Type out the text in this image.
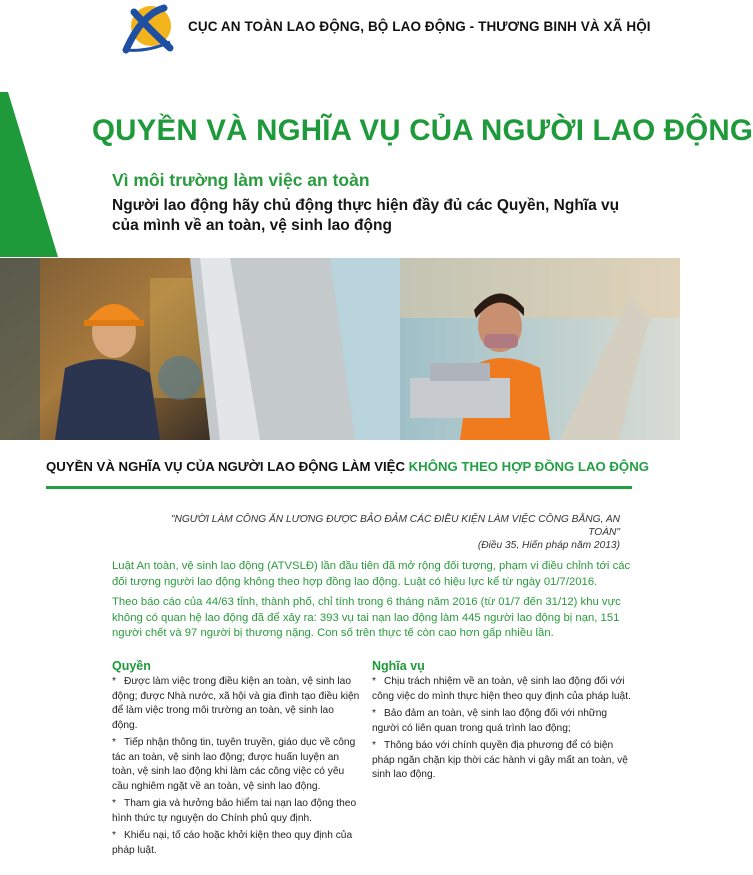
CỤC AN TOÀN LAO ĐỘNG, BỘ LAO ĐỘNG - THƯƠNG BINH VÀ XÃ HỘI
QUYỀN VÀ NGHĨA VỤ CỦA NGƯỜI LAO ĐỘNG
Vì môi trường làm việc an toàn
Người lao động hãy chủ động thực hiện đầy đủ các Quyền, Nghĩa vụ của mình về an toàn, vệ sinh lao động
QUYỀN VÀ NGHĨA VỤ CỦA NGƯỜI LAO ĐỘNG LÀM VIỆC KHÔNG THEO HỢP ĐỒNG LAO ĐỘNG
"NGƯỜI LÀM CÔNG ĂN LƯƠNG ĐƯỢC BẢO ĐẢM CÁC ĐIỀU KIỆN LÀM VIỆC CÔNG BẰNG, AN TOÀN"
(Điều 35, Hiến pháp năm 2013)
Luật An toàn, vệ sinh lao động (ATVSLĐ) lần đầu tiên đã mở rộng đối tượng, phạm vi điều chỉnh tới các đối tượng người lao động không theo hợp đồng lao động. Luật có hiệu lực kể từ ngày 01/7/2016.
Theo báo cáo của 44/63 tỉnh, thành phố, chỉ tính trong 6 tháng năm 2016 (từ 01/7 đến 31/12) khu vực không có quan hệ lao động đã để xảy ra: 393 vụ tai nạn lao động làm 445 người lao động bị nạn, 151 người chết và 97 người bị thương nặng. Con số trên thực tế còn cao hơn gấp nhiều lần.
Quyền
* Được làm việc trong điều kiện an toàn, vệ sinh lao động; được Nhà nước, xã hội và gia đình tạo điều kiện để làm việc trong môi trường an toàn, vệ sinh lao động.
* Tiếp nhận thông tin, tuyên truyền, giáo dục về công tác an toàn, vệ sinh lao động; được huấn luyện an toàn, vệ sinh lao động khi làm các công việc có yêu cầu nghiêm ngặt về an toàn, vệ sinh lao động.
* Tham gia và hưởng bảo hiểm tai nạn lao động theo hình thức tự nguyện do Chính phủ quy định.
* Khiếu nại, tố cáo hoặc khởi kiện theo quy định của pháp luật.
Nghĩa vụ
* Chịu trách nhiệm về an toàn, vệ sinh lao động đối với công việc do mình thực hiện theo quy định của pháp luật.
* Bảo đảm an toàn, vệ sinh lao động đối với những người có liên quan trong quá trình lao động;
* Thông báo với chính quyền địa phương để có biện pháp ngăn chặn kịp thời các hành vi gây mất an toàn, vệ sinh lao động.
